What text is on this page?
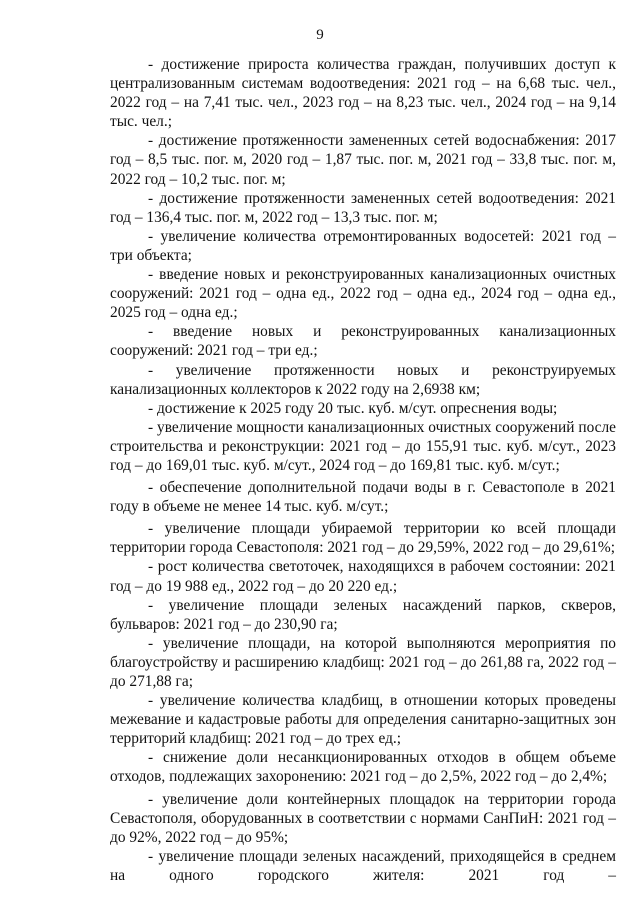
9

- достижение прироста количества граждан, получивших доступ к централизованным системам водоотведения: 2021 год – на 6,68 тыс. чел., 2022 год – на 7,41 тыс. чел., 2023 год – на 8,23 тыс. чел., 2024 год – на 9,14 тыс. чел.;

- достижение протяженности замененных сетей водоснабжения: 2017 год – 8,5 тыс. пог. м, 2020 год – 1,87 тыс. пог. м, 2021 год – 33,8 тыс. пог. м, 2022 год – 10,2 тыс. пог. м;

- достижение протяженности замененных сетей водоотведения: 2021 год – 136,4 тыс. пог. м, 2022 год – 13,3 тыс. пог. м;

- увеличение количества отремонтированных водосетей: 2021 год – три объекта;

- введение новых и реконструированных канализационных очистных сооружений: 2021 год – одна ед., 2022 год – одна ед., 2024 год – одна ед., 2025 год – одна ед.;

- введение новых и реконструированных канализационных сооружений: 2021 год – три ед.;

- увеличение протяженности новых и реконструируемых канализационных коллекторов к 2022 году на 2,6938 км;

- достижение к 2025 году 20 тыс. куб. м/сут. опреснения воды;

- увеличение мощности канализационных очистных сооружений после строительства и реконструкции: 2021 год – до 155,91 тыс. куб. м/сут., 2023 год – до 169,01 тыс. куб. м/сут., 2024 год – до 169,81 тыс. куб. м/сут.;

- обеспечение дополнительной подачи воды в г. Севастополе в 2021 году в объеме не менее 14 тыс. куб. м/сут.;

- увеличение площади убираемой территории ко всей площади территории города Севастополя: 2021 год – до 29,59%, 2022 год – до 29,61%;

- рост количества светоточек, находящихся в рабочем состоянии: 2021 год – до 19 988 ед., 2022 год – до 20 220 ед.;

- увеличение площади зеленых насаждений парков, скверов, бульваров: 2021 год – до 230,90 га;

- увеличение площади, на которой выполняются мероприятия по благоустройству и расширению кладбищ: 2021 год – до 261,88 га, 2022 год – до 271,88 га;

- увеличение количества кладбищ, в отношении которых проведены межевание и кадастровые работы для определения санитарно-защитных зон территорий кладбищ: 2021 год – до трех ед.;

- снижение доли несанкционированных отходов в общем объеме отходов, подлежащих захоронению: 2021 год – до 2,5%, 2022 год – до 2,4%;

- увеличение доли контейнерных площадок на территории города Севастополя, оборудованных в соответствии с нормами СанПиН: 2021 год – до 92%, 2022 год – до 95%;

- увеличение площади зеленых насаждений, приходящейся в среднем на одного городского жителя: 2021 год –
